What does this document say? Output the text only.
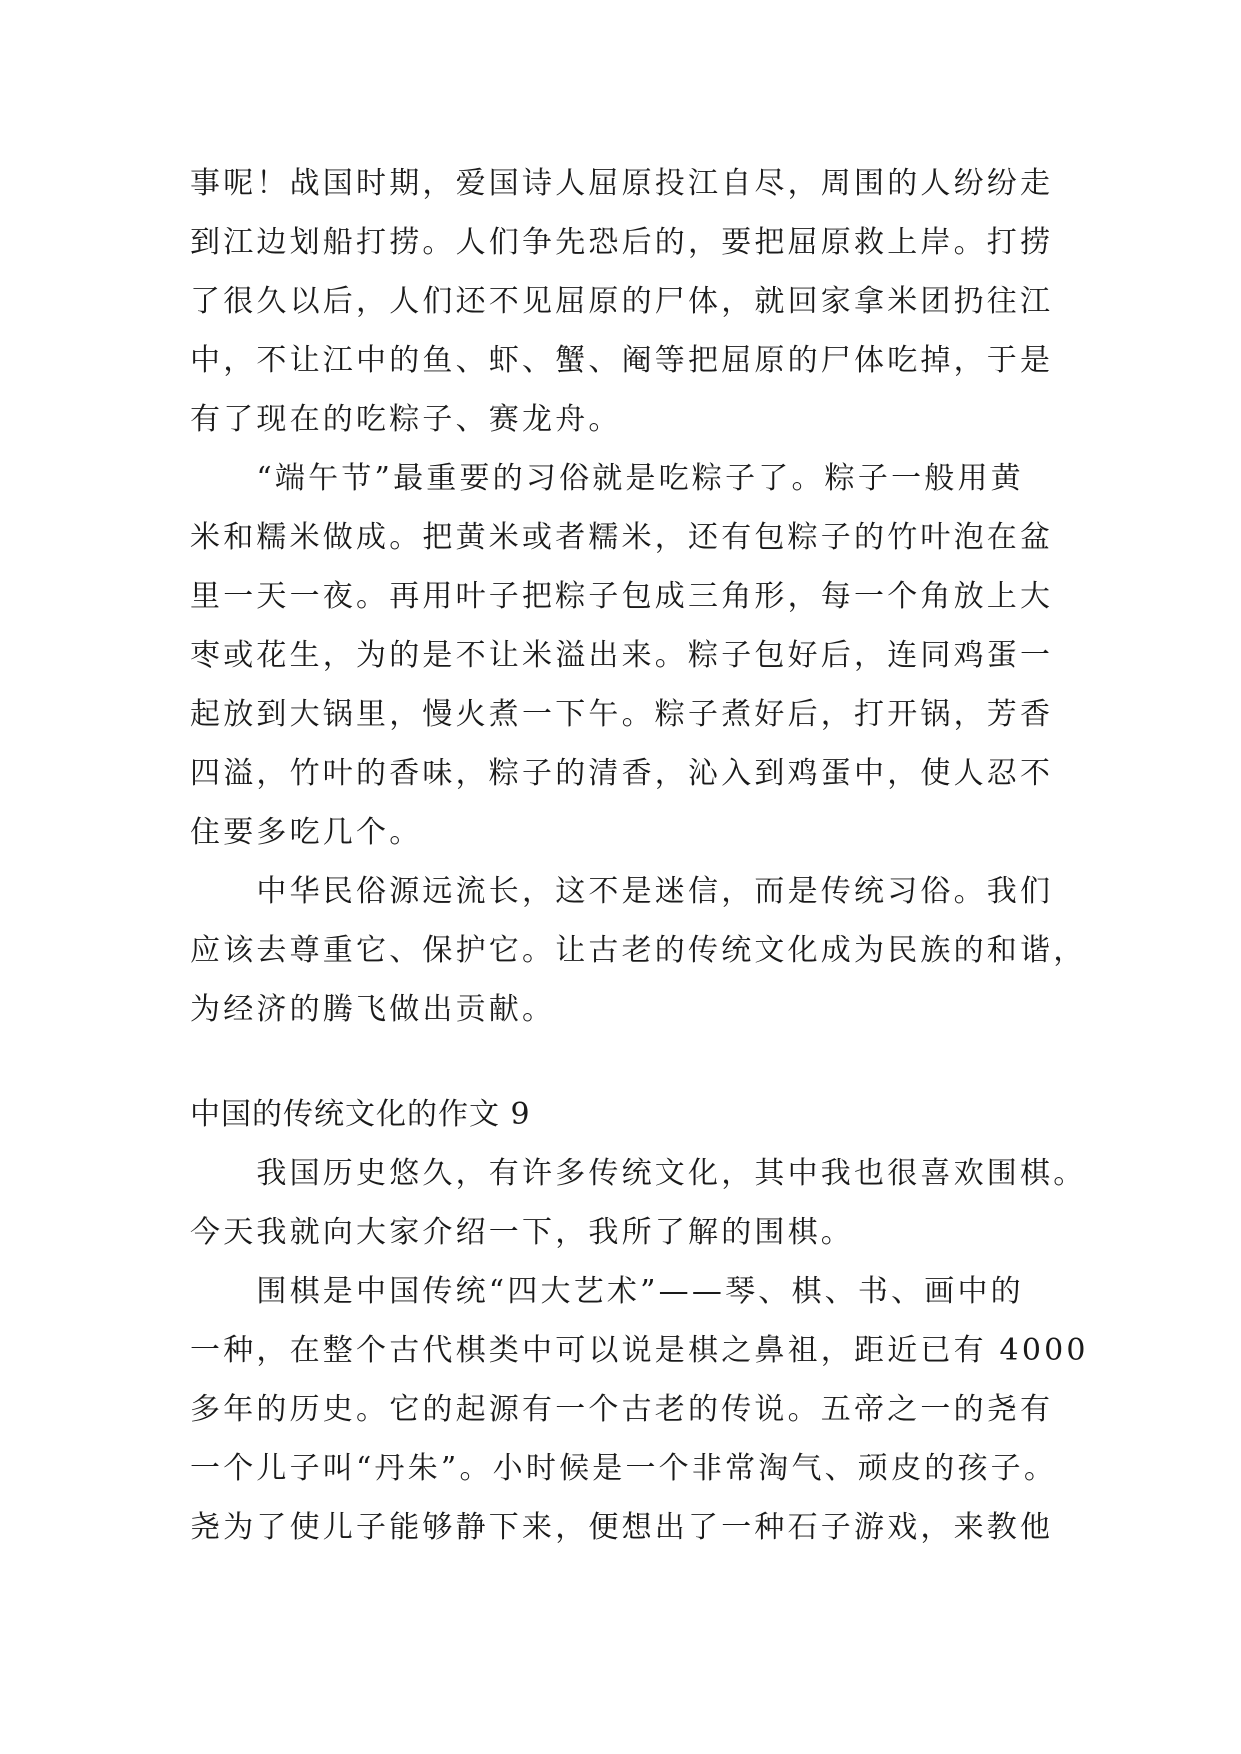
事呢！战国时期，爱国诗人屈原投江自尽，周围的人纷纷走
到江边划船打捞。人们争先恐后的，要把屈原救上岸。打捞
了很久以后，人们还不见屈原的尸体，就回家拿米团扔往江
中，不让江中的鱼、虾、蟹、阉等把屈原的尸体吃掉，于是
有了现在的吃粽子、赛龙舟。
　　“端午节”最重要的习俗就是吃粽子了。粽子一般用黄
米和糯米做成。把黄米或者糯米，还有包粽子的竹叶泡在盆
里一天一夜。再用叶子把粽子包成三角形，每一个角放上大
枣或花生，为的是不让米溢出来。粽子包好后，连同鸡蛋一
起放到大锅里，慢火煮一下午。粽子煮好后，打开锅，芳香
四溢，竹叶的香味，粽子的清香，沁入到鸡蛋中，使人忍不
住要多吃几个。
　　中华民俗源远流长，这不是迷信，而是传统习俗。我们
应该去尊重它、保护它。让古老的传统文化成为民族的和谐，
为经济的腾飞做出贡献。
中国的传统文化的作文 9
　　我国历史悠久，有许多传统文化，其中我也很喜欢围棋。
今天我就向大家介绍一下，我所了解的围棋。
　　围棋是中国传统“四大艺术”——琴、棋、书、画中的
一种，在整个古代棋类中可以说是棋之鼻祖，距近已有 4000
多年的历史。它的起源有一个古老的传说。五帝之一的尧有
一个儿子叫“丹朱”。小时候是一个非常淘气、顽皮的孩子。
尧为了使儿子能够静下来，便想出了一种石子游戏，来教他
